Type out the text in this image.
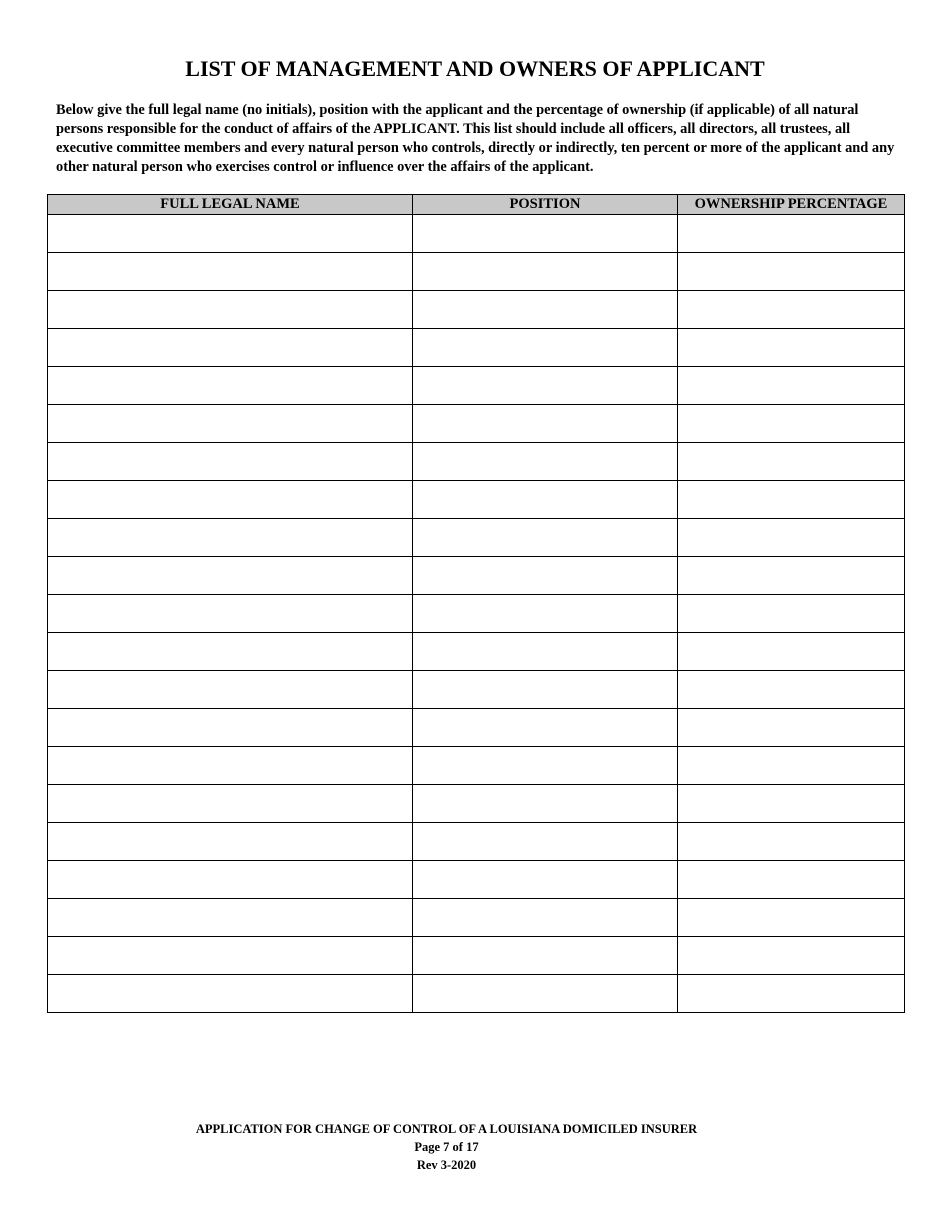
LIST OF MANAGEMENT AND OWNERS OF APPLICANT

Below give the full legal name (no initials), position with the applicant and the percentage of ownership (if applicable) of all natural persons responsible for the conduct of affairs of the APPLICANT. This list should include all officers, all directors, all trustees, all executive committee members and every natural person who controls, directly or indirectly, ten percent or more of the applicant and any other natural person who exercises control or influence over the affairs of the applicant.

FULL LEGAL NAME	POSITION	OWNERSHIP PERCENTAGE

APPLICATION FOR CHANGE OF CONTROL OF A LOUISIANA DOMICILED INSURER
Page 7 of 17
Rev 3-2020
